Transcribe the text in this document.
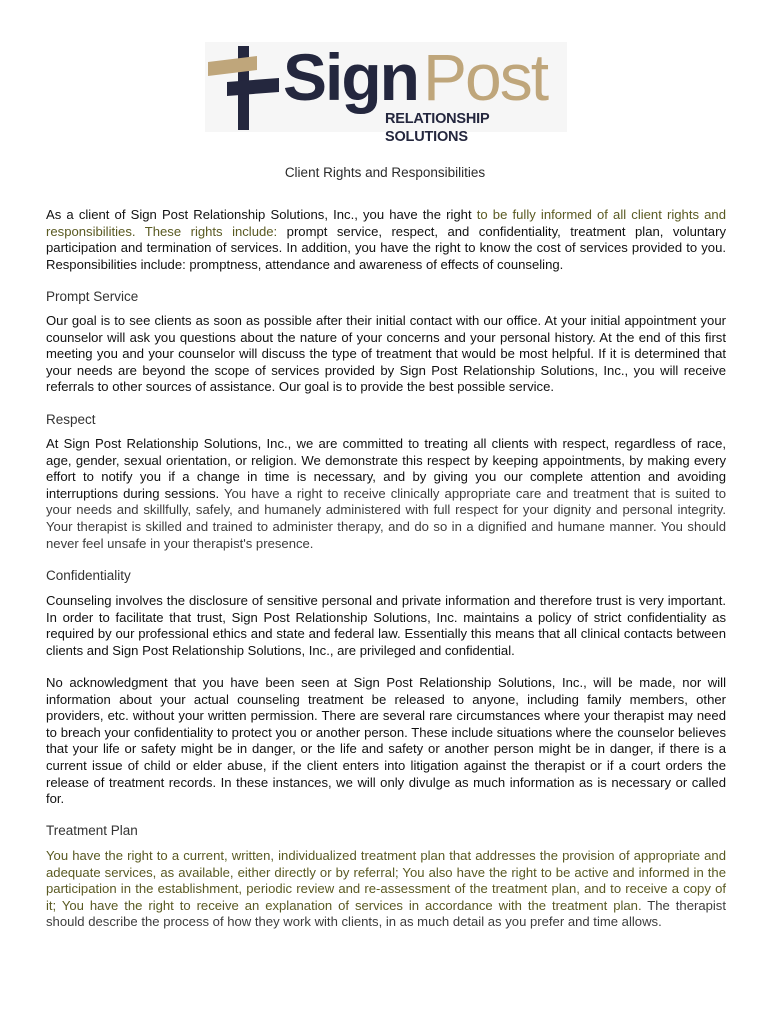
Sign Post
RELATIONSHIP SOLUTIONS
Client Rights and Responsibilities

As a client of Sign Post Relationship Solutions, Inc., you have the right to be fully informed of all client rights and responsibilities. These rights include: prompt service, respect, and confidentiality, treatment plan, voluntary participation and termination of services. In addition, you have the right to know the cost of services provided to you. Responsibilities include: promptness, attendance and awareness of effects of counseling.

Prompt Service

Our goal is to see clients as soon as possible after their initial contact with our office. At your initial appointment your counselor will ask you questions about the nature of your concerns and your personal history. At the end of this first meeting you and your counselor will discuss the type of treatment that would be most helpful. If it is determined that your needs are beyond the scope of services provided by Sign Post Relationship Solutions, Inc., you will receive referrals to other sources of assistance. Our goal is to provide the best possible service.

Respect

At Sign Post Relationship Solutions, Inc., we are committed to treating all clients with respect, regardless of race, age, gender, sexual orientation, or religion. We demonstrate this respect by keeping appointments, by making every effort to notify you if a change in time is necessary, and by giving you our complete attention and avoiding interruptions during sessions. You have a right to receive clinically appropriate care and treatment that is suited to your needs and skillfully, safely, and humanely administered with full respect for your dignity and personal integrity. Your therapist is skilled and trained to administer therapy, and do so in a dignified and humane manner. You should never feel unsafe in your therapist's presence.

Confidentiality

Counseling involves the disclosure of sensitive personal and private information and therefore trust is very important. In order to facilitate that trust, Sign Post Relationship Solutions, Inc. maintains a policy of strict confidentiality as required by our professional ethics and state and federal law. Essentially this means that all clinical contacts between clients and Sign Post Relationship Solutions, Inc., are privileged and confidential.

No acknowledgment that you have been seen at Sign Post Relationship Solutions, Inc., will be made, nor will information about your actual counseling treatment be released to anyone, including family members, other providers, etc. without your written permission. There are several rare circumstances where your therapist may need to breach your confidentiality to protect you or another person. These include situations where the counselor believes that your life or safety might be in danger, or the life and safety or another person might be in danger, if there is a current issue of child or elder abuse, if the client enters into litigation against the therapist or if a court orders the release of treatment records. In these instances, we will only divulge as much information as is necessary or called for.

Treatment Plan

You have the right to a current, written, individualized treatment plan that addresses the provision of appropriate and adequate services, as available, either directly or by referral; You also have the right to be active and informed in the participation in the establishment, periodic review and re-assessment of the treatment plan, and to receive a copy of it; You have the right to receive an explanation of services in accordance with the treatment plan. The therapist should describe the process of how they work with clients, in as much detail as you prefer and time allows.
